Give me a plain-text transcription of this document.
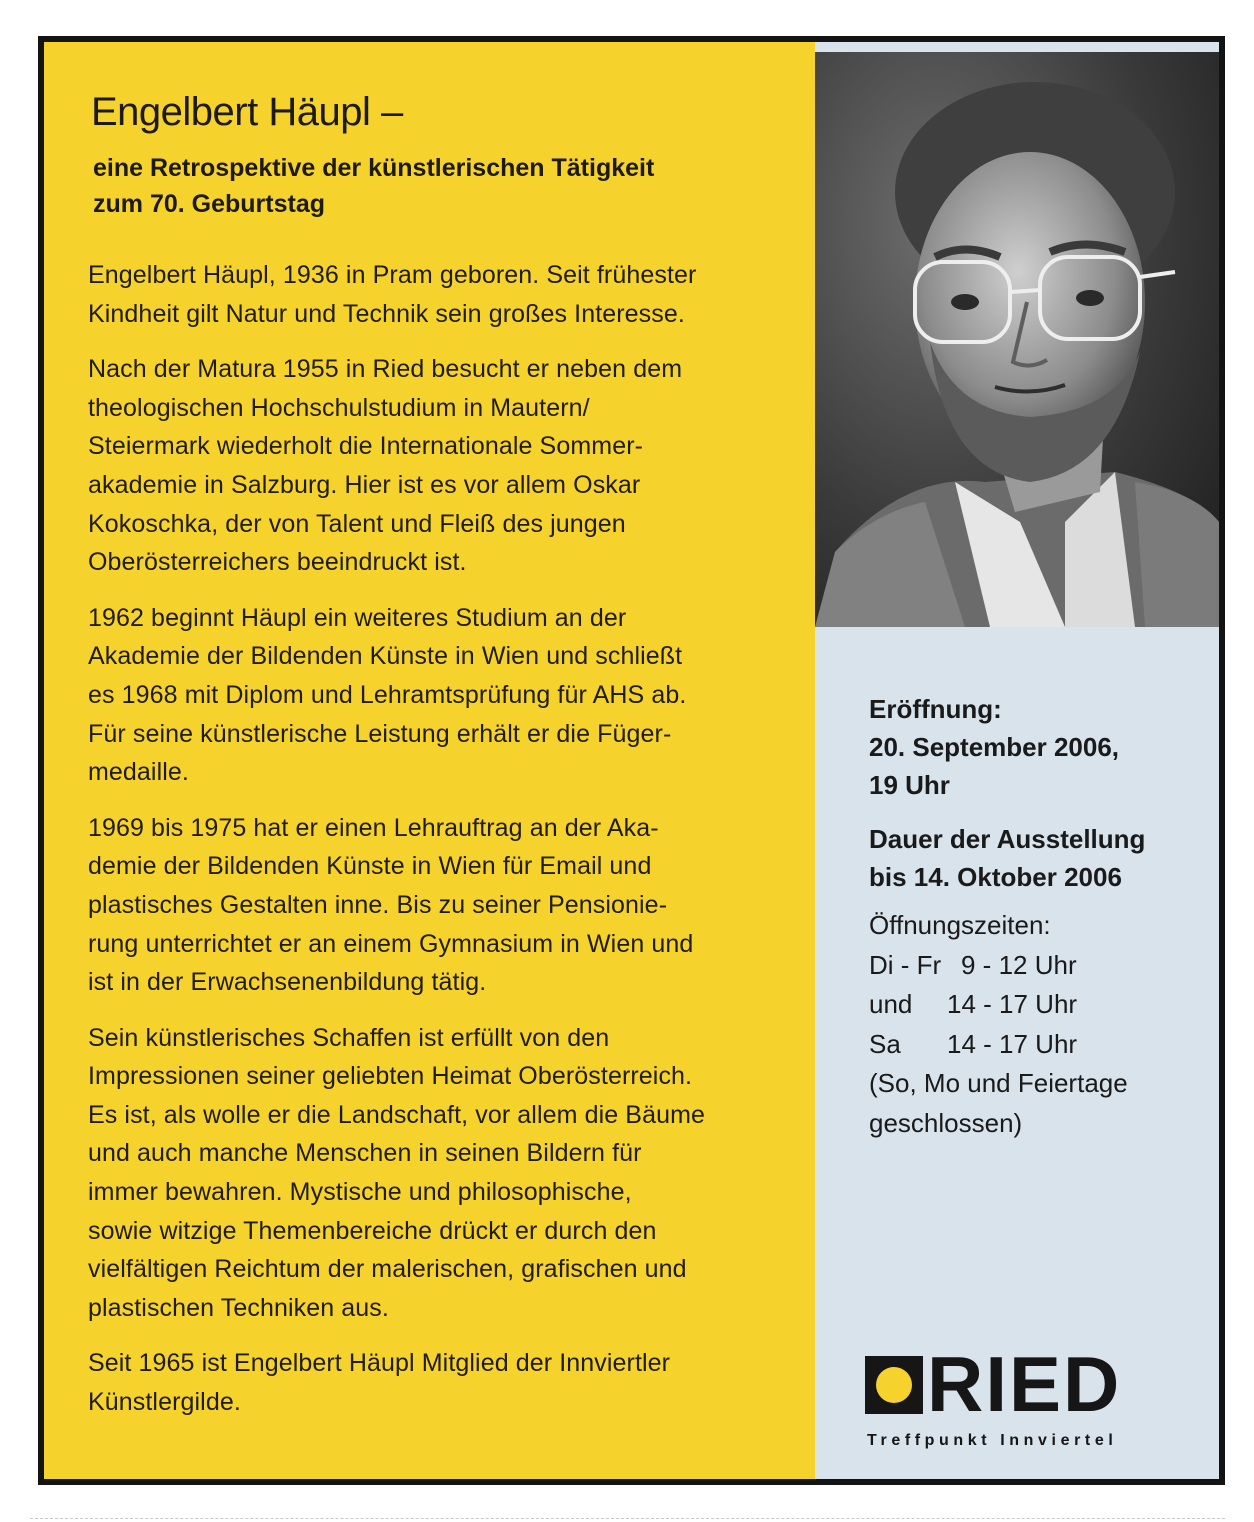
Engelbert Häupl –
eine Retrospektive der künstlerischen Tätigkeit
zum 70. Geburtstag

Engelbert Häupl, 1936 in Pram geboren. Seit frühester
Kindheit gilt Natur und Technik sein großes Interesse.

Nach der Matura 1955 in Ried besucht er neben dem
theologischen Hochschulstudium in Mautern/
Steiermark wiederholt die Internationale Sommer-
akademie in Salzburg. Hier ist es vor allem Oskar
Kokoschka, der von Talent und Fleiß des jungen
Oberösterreichers beeindruckt ist.

1962 beginnt Häupl ein weiteres Studium an der
Akademie der Bildenden Künste in Wien und schließt
es 1968 mit Diplom und Lehramtsprüfung für AHS ab.
Für seine künstlerische Leistung erhält er die Füger-
medaille.

1969 bis 1975 hat er einen Lehrauftrag an der Aka-
demie der Bildenden Künste in Wien für Email und
plastisches Gestalten inne. Bis zu seiner Pensionie-
rung unterrichtet er an einem Gymnasium in Wien und
ist in der Erwachsenenbildung tätig.

Sein künstlerisches Schaffen ist erfüllt von den
Impressionen seiner geliebten Heimat Oberösterreich.
Es ist, als wolle er die Landschaft, vor allem die Bäume
und auch manche Menschen in seinen Bildern für
immer bewahren. Mystische und philosophische,
sowie witzige Themenbereiche drückt er durch den
vielfältigen Reichtum der malerischen, grafischen und
plastischen Techniken aus.

Seit 1965 ist Engelbert Häupl Mitglied der Innviertler
Künstlergilde.

Eröffnung:
20. September 2006,
19 Uhr

Dauer der Ausstellung
bis 14. Oktober 2006

Öffnungszeiten:
Di - Fr 9 - 12 Uhr
und	14 - 17 Uhr
Sa	14 - 17 Uhr
(So, Mo und Feiertage
geschlossen)
RIED
Treffpunkt Innviertel
